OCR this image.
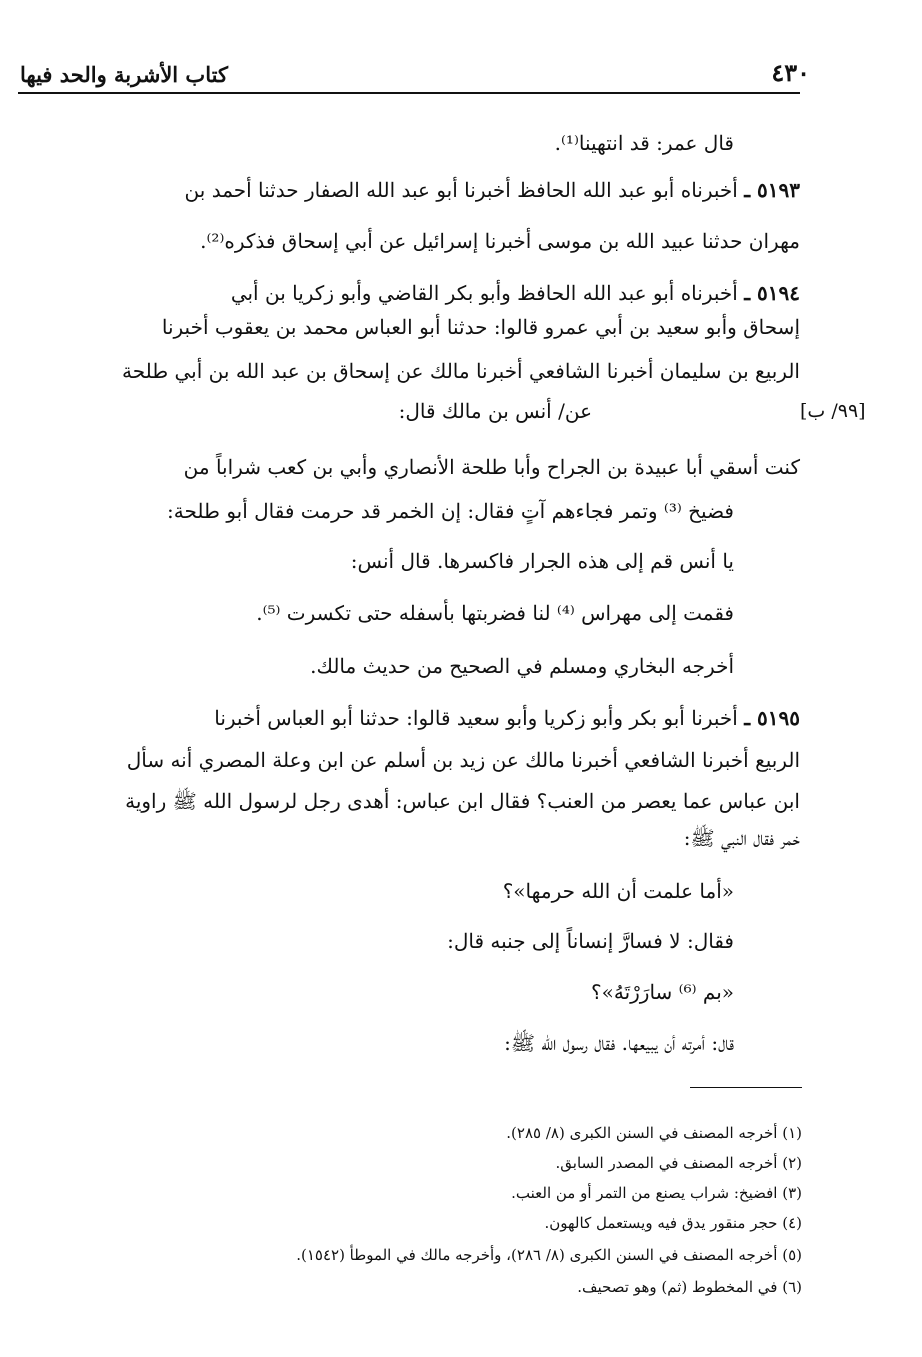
٤٣٠
كتاب الأشربة والحد فيها
قال عمر: قد انتهينا⁽¹⁾.
٥١٩٣ ـ أخبرناه أبو عبد الله الحافظ أخبرنا أبو عبد الله الصفار حدثنا أحمد بن
مهران حدثنا عبيد الله بن موسى أخبرنا إسرائيل عن أبي إسحاق فذكره⁽²⁾.
٥١٩٤ ـ أخبرناه أبو عبد الله الحافظ وأبو بكر القاضي وأبو زكريا بن أبي
إسحاق وأبو سعيد بن أبي عمرو قالوا: حدثنا أبو العباس محمد بن يعقوب أخبرنا
الربيع بن سليمان أخبرنا الشافعي أخبرنا مالك عن إسحاق بن عبد الله بن أبي طلحة
عن/ أنس بن مالك قال:	[٩٩/ ب]
كنت أسقي أبا عبيدة بن الجراح وأبا طلحة الأنصاري وأبي بن كعب شراباً من
فضيخ ⁽³⁾ وتمر فجاءهم آتٍ فقال: إن الخمر قد حرمت فقال أبو طلحة:
يا أنس قم إلى هذه الجرار فاكسرها. قال أنس:
فقمت إلى مهراس ⁽⁴⁾ لنا فضربتها بأسفله حتى تكسرت ⁽⁵⁾.
أخرجه البخاري ومسلم في الصحيح من حديث مالك.
٥١٩٥ ـ أخبرنا أبو بكر وأبو زكريا وأبو سعيد قالوا: حدثنا أبو العباس أخبرنا
الربيع أخبرنا الشافعي أخبرنا مالك عن زيد بن أسلم عن ابن وعلة المصري أنه سأل
ابن عباس عما يعصر من العنب؟ فقال ابن عباس: أهدى رجل لرسول الله ﷺ راوية
خمر فقال النبي ﷺ:
«أما علمت أن الله حرمها»؟
فقال: لا فسارَّ إنساناً إلى جنبه قال:
«بم ⁽⁶⁾ سارَرْتَهُ»؟
قال: أمرته أن يبيعها. فقال رسول الله ﷺ:
(١) أخرجه المصنف في السنن الكبرى (٨/ ٢٨٥).
(٢) أخرجه المصنف في المصدر السابق.
(٣) افضيخ: شراب يصنع من التمر أو من العنب.
(٤) حجر منقور يدق فيه ويستعمل كالهون.
(٥) أخرجه المصنف في السنن الكبرى (٨/ ٢٨٦)، وأخرجه مالك في الموطأ (١٥٤٢).
(٦) في المخطوط (ثم) وهو تصحيف.
